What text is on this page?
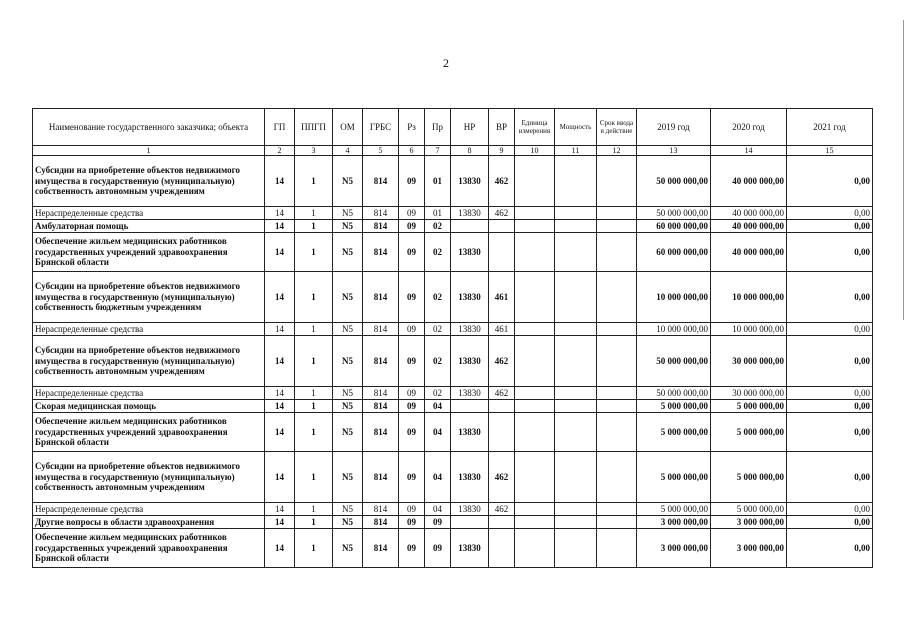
2
Наименование государственного заказчика; объекта	ГП	ППГП	ОМ	ГРБС	Рз	Пр	НР	ВР	Единица измерения	Мощность	Срок ввода в действие	2019 год	2020 год	2021 год
1	2	3	4	5	6	7	8	9	10	11	12	13	14	15
Субсидии на приобретение объектов недвижимого имущества в государственную (муниципальную) собственность автономным учреждениям	14	1	N5	814	09	01	13830	462				50 000 000,00	40 000 000,00	0,00
Нераспределенные средства	14	1	N5	814	09	01	13830	462				50 000 000,00	40 000 000,00	0,00
Амбулаторная помощь	14	1	N5	814	09	02						60 000 000,00	40 000 000,00	0,00
Обеспечение жильем медицинских работников государственных учреждений здравоохранения Брянской области	14	1	N5	814	09	02	13830					60 000 000,00	40 000 000,00	0,00
Субсидии на приобретение объектов недвижимого имущества в государственную (муниципальную) собственность бюджетным учреждениям	14	1	N5	814	09	02	13830	461				10 000 000,00	10 000 000,00	0,00
Нераспределенные средства	14	1	N5	814	09	02	13830	461				10 000 000,00	10 000 000,00	0,00
Субсидии на приобретение объектов недвижимого имущества в государственную (муниципальную) собственность автономным учреждениям	14	1	N5	814	09	02	13830	462				50 000 000,00	30 000 000,00	0,00
Нераспределенные средства	14	1	N5	814	09	02	13830	462				50 000 000,00	30 000 000,00	0,00
Скорая медицинская помощь	14	1	N5	814	09	04						5 000 000,00	5 000 000,00	0,00
Обеспечение жильем медицинских работников государственных учреждений здравоохранения Брянской области	14	1	N5	814	09	04	13830					5 000 000,00	5 000 000,00	0,00
Субсидии на приобретение объектов недвижимого имущества в государственную (муниципальную) собственность автономным учреждениям	14	1	N5	814	09	04	13830	462				5 000 000,00	5 000 000,00	0,00
Нераспределенные средства	14	1	N5	814	09	04	13830	462				5 000 000,00	5 000 000,00	0,00
Другие вопросы в области здравоохранения	14	1	N5	814	09	09						3 000 000,00	3 000 000,00	0,00
Обеспечение жильем медицинских работников государственных учреждений здравоохранения Брянской области	14	1	N5	814	09	09	13830					3 000 000,00	3 000 000,00	0,00
